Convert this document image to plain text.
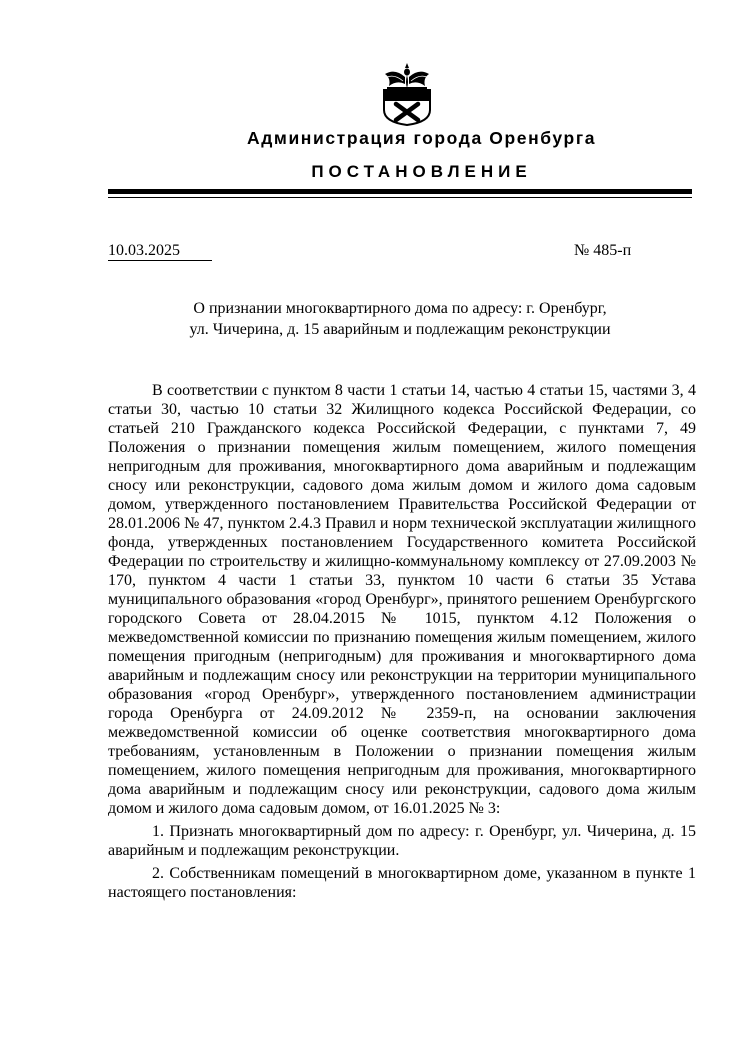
Администрация города Оренбурга
ПОСТАНОВЛЕНИЕ
10.03.2025	№ 485-п
О признании многоквартирного дома по адресу: г. Оренбург,
ул. Чичерина, д. 15 аварийным и подлежащим реконструкции

В соответствии с пунктом 8 части 1 статьи 14, частью 4 статьи 15, частями 3, 4 статьи 30, частью 10 статьи 32 Жилищного кодекса Российской Федерации, со статьей 210 Гражданского кодекса Российской Федерации, с пунктами 7, 49 Положения о признании помещения жилым помещением, жилого помещения непригодным для проживания, многоквартирного дома аварийным и подлежащим сносу или реконструкции, садового дома жилым домом и жилого дома садовым домом, утвержденного постановлением Правительства Российской Федерации от 28.01.2006 № 47, пунктом 2.4.3 Правил и норм технической эксплуатации жилищного фонда, утвержденных постановлением Государственного комитета Российской Федерации по строительству и жилищно-коммунальному комплексу от 27.09.2003 № 170, пунктом 4 части 1 статьи 33, пунктом 10 части 6 статьи 35 Устава муниципального образования «город Оренбург», принятого решением Оренбургского городского Совета от 28.04.2015 № 1015, пунктом 4.12 Положения о межведомственной комиссии по признанию помещения жилым помещением, жилого помещения пригодным (непригодным) для проживания и многоквартирного дома аварийным и подлежащим сносу или реконструкции на территории муниципального образования «город Оренбург», утвержденного постановлением администрации города Оренбурга от 24.09.2012 № 2359-п, на основании заключения межведомственной комиссии об оценке соответствия многоквартирного дома требованиям, установленным в Положении о признании помещения жилым помещением, жилого помещения непригодным для проживания, многоквартирного дома аварийным и подлежащим сносу или реконструкции, садового дома жилым домом и жилого дома садовым домом, от 16.01.2025 № 3:

1. Признать многоквартирный дом по адресу: г. Оренбург, ул. Чичерина, д. 15 аварийным и подлежащим реконструкции.

2. Собственникам помещений в многоквартирном доме, указанном в пункте 1 настоящего постановления:
